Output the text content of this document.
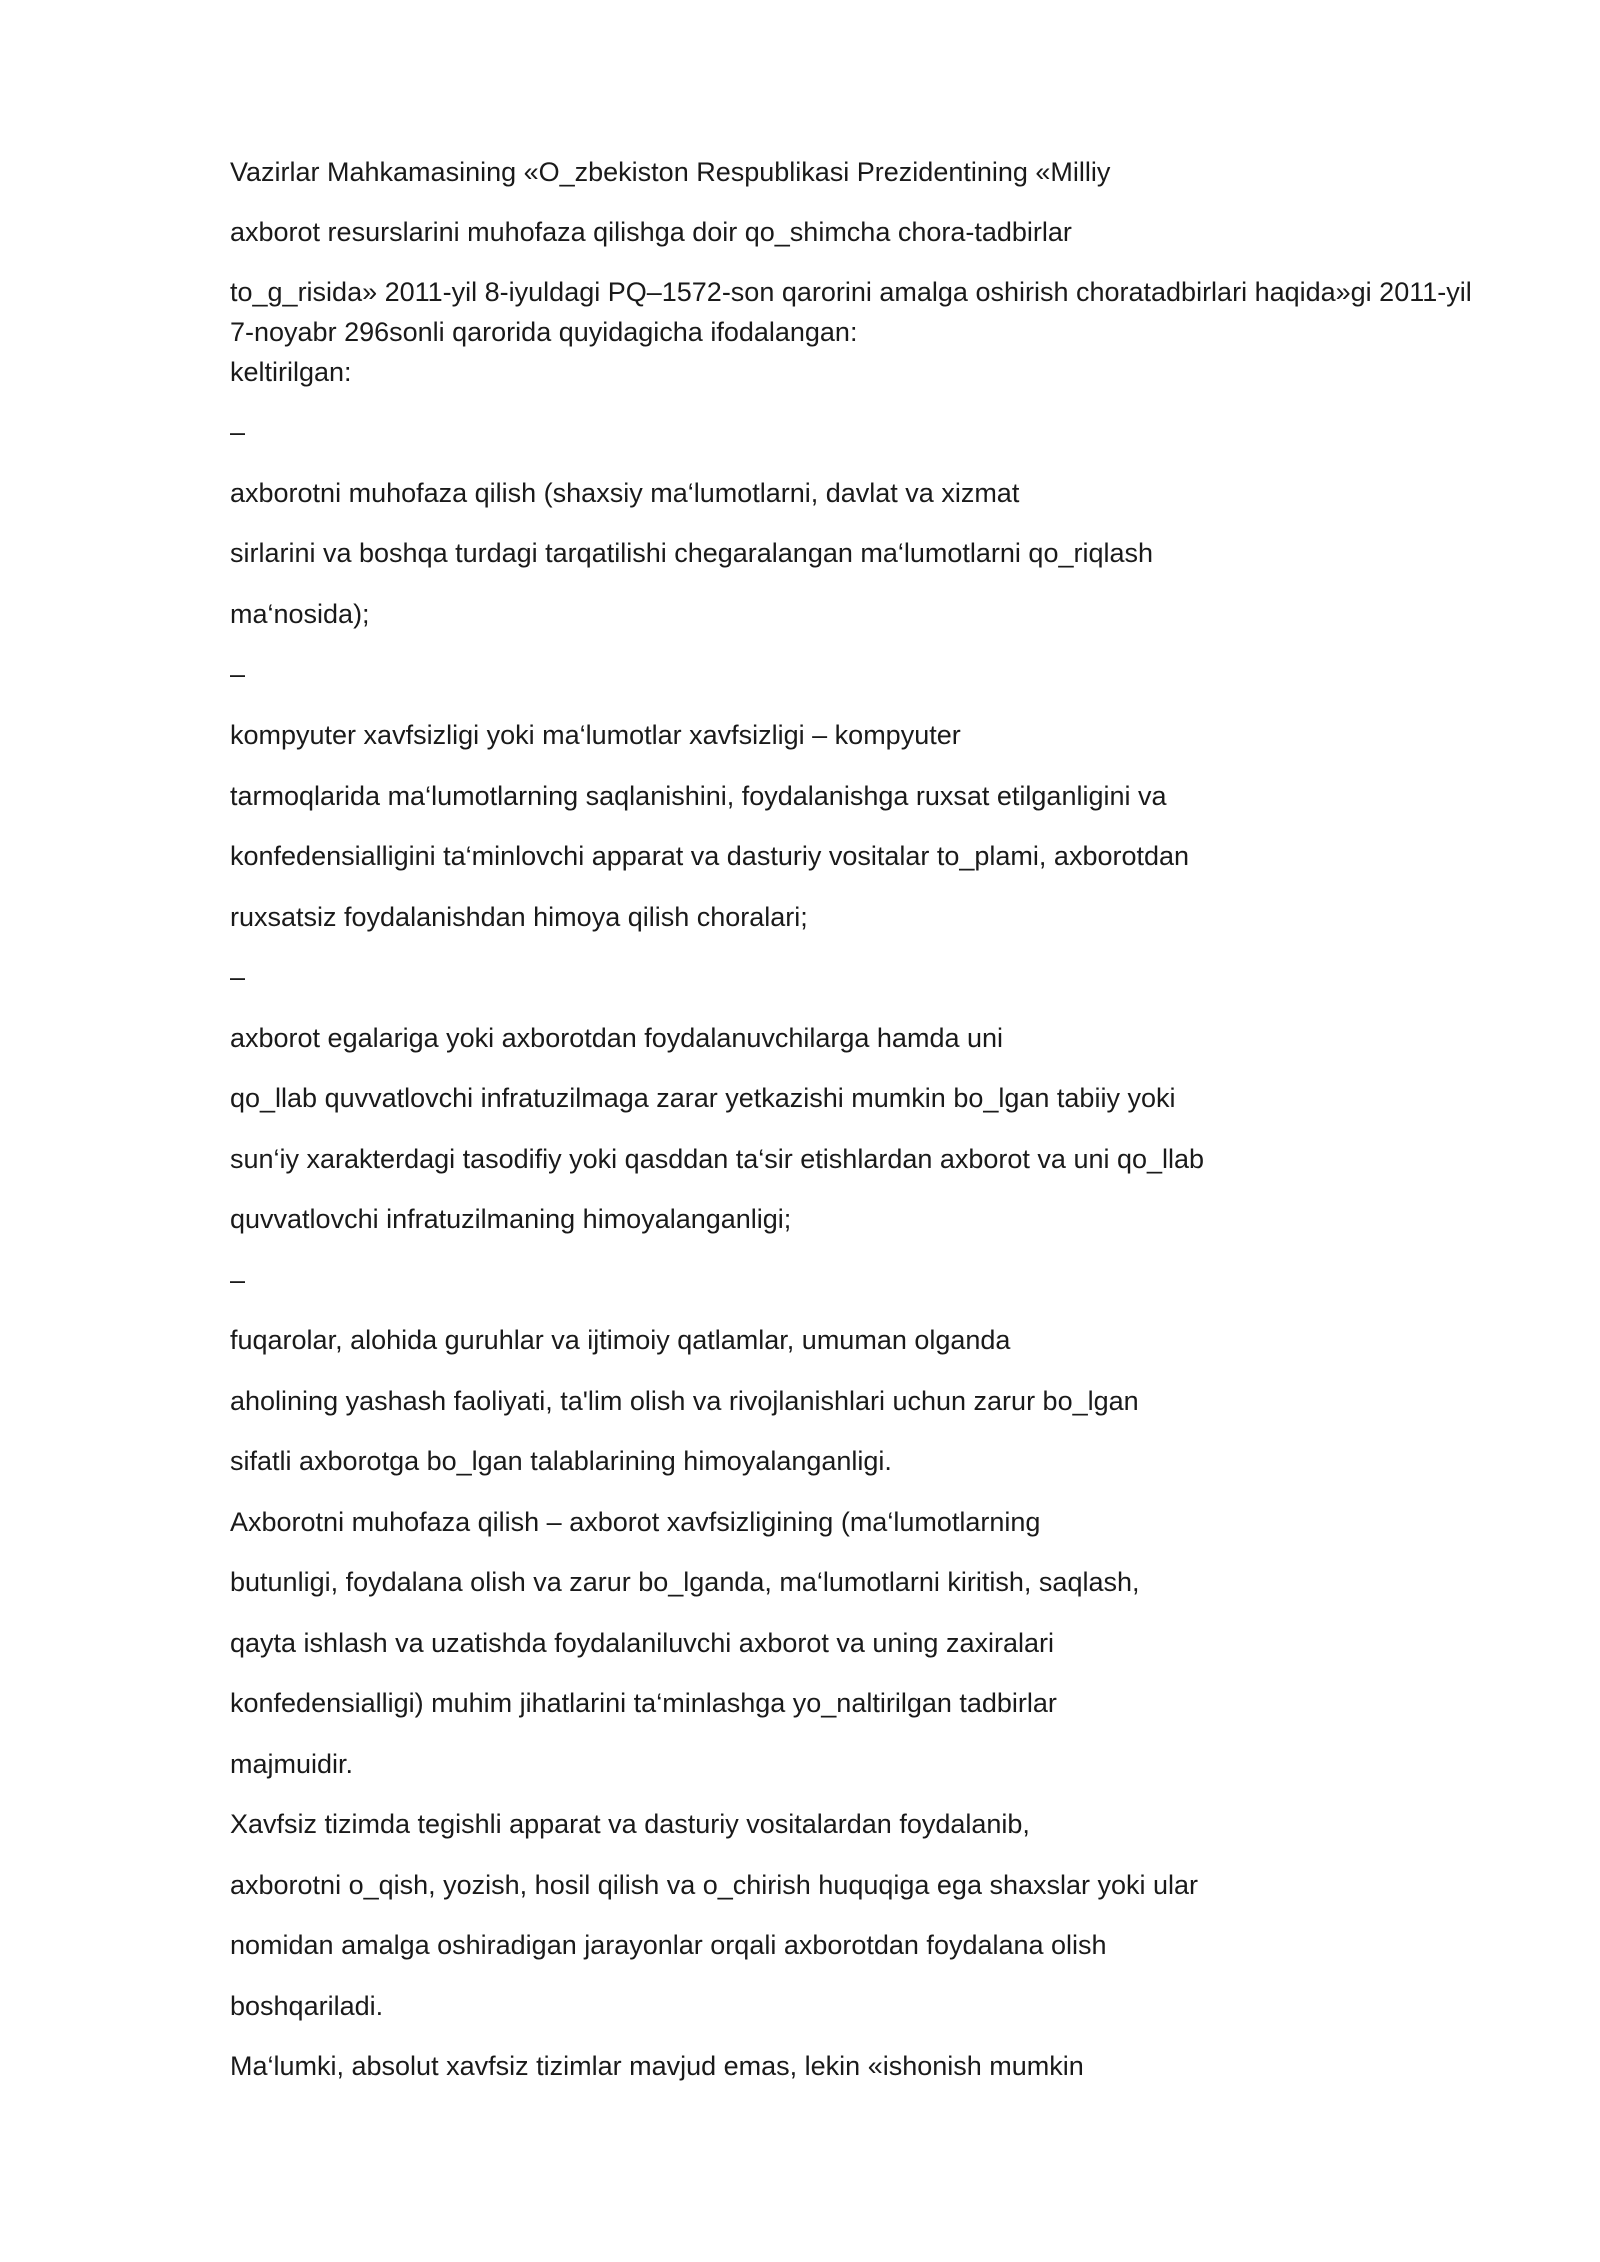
Vazirlar Mahkamasining «O_zbekiston Respublikasi Prezidentining «Milliy

axborot resurslarini muhofaza qilishga doir qo_shimcha chora-tadbirlar

to_g_risida» 2011-yil 8-iyuldagi PQ–1572-son qarorini amalga oshirish choratadbirlari haqida»gi 2011-yil

7-noyabr 296sonli qarorida quyidagicha ifodalangan:

keltirilgan:

–

axborotni muhofaza qilish (shaxsiy ma‘lumotlarni, davlat va xizmat

sirlarini va boshqa turdagi tarqatilishi chegaralangan ma‘lumotlarni qo_riqlash

ma‘nosida);

–

kompyuter xavfsizligi yoki ma‘lumotlar xavfsizligi – kompyuter

tarmoqlarida ma‘lumotlarning saqlanishini, foydalanishga ruxsat etilganligini va

konfedensialligini ta‘minlovchi apparat va dasturiy vositalar to_plami, axborotdan

ruxsatsiz foydalanishdan himoya qilish choralari;

–

axborot egalariga yoki axborotdan foydalanuvchilarga hamda uni

qo_llab quvvatlovchi infratuzilmaga zarar yetkazishi mumkin bo_lgan tabiiy yoki

sun‘iy xarakterdagi tasodifiy yoki qasddan ta‘sir etishlardan axborot va uni qo_llab

quvvatlovchi infratuzilmaning himoyalanganligi;

–

fuqarolar, alohida guruhlar va ijtimoiy qatlamlar, umuman olganda

aholining yashash faoliyati, ta'lim olish va rivojlanishlari uchun zarur bo_lgan

sifatli axborotga bo_lgan talablarining himoyalanganligi.

Axborotni muhofaza qilish – axborot xavfsizligining (ma‘lumotlarning

butunligi, foydalana olish va zarur bo_lganda, ma‘lumotlarni kiritish, saqlash,

qayta ishlash va uzatishda foydalaniluvchi axborot va uning zaxiralari

konfedensialligi) muhim jihatlarini ta‘minlashga yo_naltirilgan tadbirlar

majmuidir.

Xavfsiz tizimda tegishli apparat va dasturiy vositalardan foydalanib,

axborotni o_qish, yozish, hosil qilish va o_chirish huquqiga ega shaxslar yoki ular

nomidan amalga oshiradigan jarayonlar orqali axborotdan foydalana olish

boshqariladi.

Ma‘lumki, absolut xavfsiz tizimlar mavjud emas, lekin «ishonish mumkin
